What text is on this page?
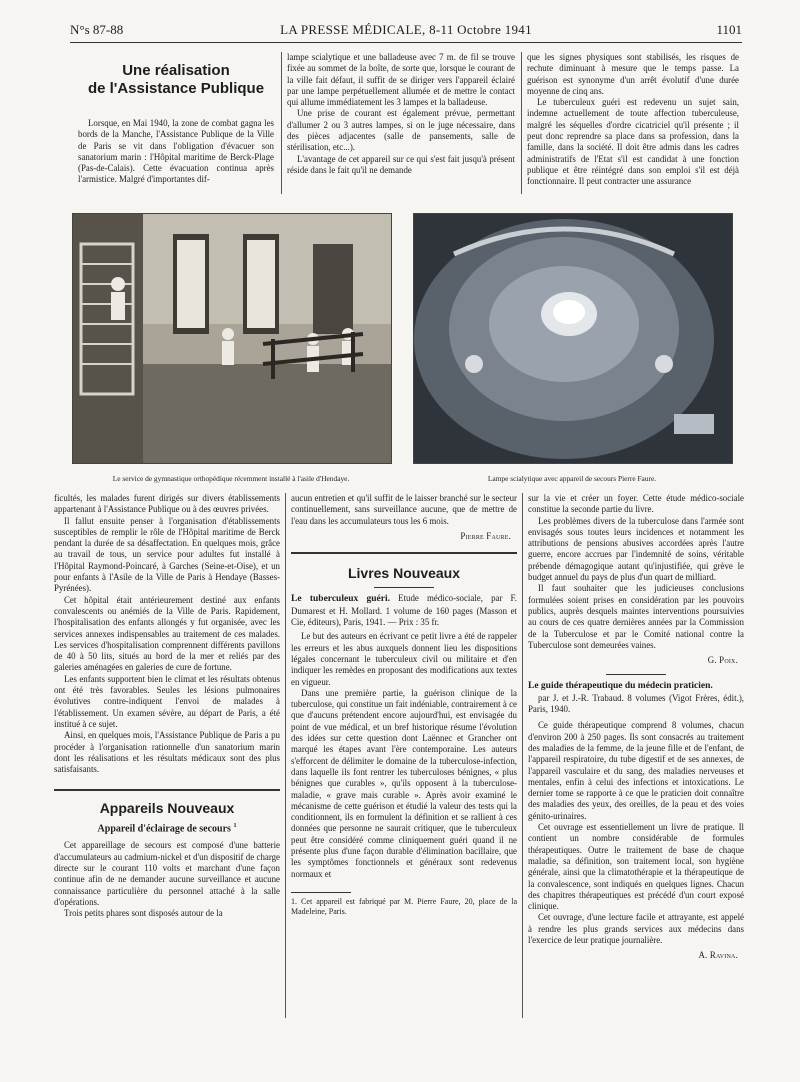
N°s 87-88	LA PRESSE MÉDICALE, 8-11 Octobre 1941	1101
Une réalisation
de l'Assistance Publique

Lorsque, en Mai 1940, la zone de combat gagna les bords de la Manche, l'Assistance Publique de la Ville de Paris se vit dans l'obligation d'évacuer son sanatorium marin : l'Hôpital maritime de Berck-Plage (Pas-de-Calais). Cette évacuation continua après l'armistice. Malgré d'importantes dif-

lampe scialytique et une balladeuse avec 7 m. de fil se trouve fixée au sommet de la boîte, de sorte que, lorsque le courant de la ville fait défaut, il suffit de se diriger vers l'appareil éclairé par une lampe perpétuellement allumée et de mettre le contact qui allume immédiatement les 3 lampes et la balladeuse.

Une prise de courant est également prévue, permettant d'allumer 2 ou 3 autres lampes, si on le juge nécessaire, dans des pièces adjacentes (salle de pansements, salle de stérilisation, etc...).

L'avantage de cet appareil sur ce qui s'est fait jusqu'à présent réside dans le fait qu'il ne demande

que les signes physiques sont stabilisés, les risques de rechute diminuant à mesure que le temps passe. La guérison est synonyme d'un arrêt évolutif d'une durée moyenne de cinq ans.

Le tuberculeux guéri est redevenu un sujet sain, indemne actuellement de toute affection tuberculeuse, malgré les séquelles d'ordre cicatriciel qu'il présente ; il peut donc reprendre sa place dans sa profession, dans la famille, dans la société. Il doit être admis dans les cadres administratifs de l'Etat s'il est candidat à une fonction publique et être réintégré dans son emploi s'il est déjà fonctionnaire. Il peut contracter une assurance

Le service de gymnastique orthopédique récemment installé à l'asile d'Hendaye.	Lampe scialytique avec appareil de secours Pierre Faure.

ficultés, les malades furent dirigés sur divers établissements appartenant à l'Assistance Publique ou à des œuvres privées.

Il fallut ensuite penser à l'organisation d'établissements susceptibles de remplir le rôle de l'Hôpital maritime de Berck pendant la durée de sa désaffectation. En quelques mois, grâce au travail de tous, un service pour adultes fut installé à l'Hôpital Raymond-Poincaré, à Garches (Seine-et-Oise), et un pour enfants à l'Asile de la Ville de Paris à Hendaye (Basses-Pyrénées).

Cet hôpital était antérieurement destiné aux enfants convalescents ou anémiés de la Ville de Paris. Rapidement, l'hospitalisation des enfants allongés y fut organisée, avec les services annexes indispensables au traitement de ces malades. Les services d'hospitalisation comprennent différents pavillons de 40 à 50 lits, situés au bord de la mer et reliés par des galeries aménagées en galeries de cure de fortune.

Les enfants supportent bien le climat et les résultats obtenus ont été très favorables. Seules les lésions pulmonaires évolutives contre-indiquent l'envoi de malades à l'établissement. Un examen sévère, au départ de Paris, a été institué à ce sujet.

Ainsi, en quelques mois, l'Assistance Publique de Paris a pu procéder à l'organisation rationnelle d'un sanatorium marin dont les réalisations et les résultats médicaux sont des plus satisfaisants.

Appareils Nouveaux
Appareil d'éclairage de secours $^1$

Cet appareillage de secours est composé d'une batterie d'accumulateurs au cadmium-nickel et d'un dispositif de charge directe sur le courant 110 volts et marchant d'une façon continue afin de ne demander aucune surveillance et aucune connaissance particulière du personnel attaché à la salle d'opérations.

Trois petits phares sont disposés autour de la

aucun entretien et qu'il suffit de le laisser branché sur le secteur continuellement, sans surveillance aucune, que de mettre de l'eau dans les accumulateurs tous les 6 mois.

Pierre Faure.
Livres Nouveaux

Le tuberculeux guéri. Etude médico-sociale, par F. Dumarest et H. Mollard. 1 volume de 160 pages (Masson et Cie, éditeurs), Paris, 1941. — Prix : 35 fr.

Le but des auteurs en écrivant ce petit livre a été de rappeler les erreurs et les abus auxquels donnent lieu les dispositions légales concernant le tuberculeux civil ou militaire et d'en indiquer les remèdes en proposant des modifications aux textes en vigueur.

Dans une première partie, la guérison clinique de la tuberculose, qui constitue un fait indéniable, contrairement à ce que d'aucuns prétendent encore aujourd'hui, est envisagée du point de vue médical, et un bref historique résume l'évolution des idées sur cette question dont Laënnec et Grancher ont marqué les étapes avant l'ère contemporaine. Les auteurs s'efforcent de délimiter le domaine de la tuberculose-infection, dans laquelle ils font rentrer les tuberculoses bénignes, « plus bénignes que curables », qu'ils opposent à la tuberculose-maladie, « grave mais curable ». Après avoir examiné le mécanisme de cette guérison et étudié la valeur des tests qui la conditionnent, ils en formulent la définition et se rallient à ces données que personne ne saurait critiquer, que le tuberculeux peut être considéré comme cliniquement guéri quand il ne présente plus d'une façon durable d'élimination bacillaire, que les symptômes fonctionnels et généraux sont redevenus normaux et

1. Cet appareil est fabriqué par M. Pierre Faure, 20, place de la Madeleine, Paris.

sur la vie et créer un foyer. Cette étude médico-sociale constitue la seconde partie du livre.

Les problèmes divers de la tuberculose dans l'armée sont envisagés sous toutes leurs incidences et notamment les attributions de pensions abusives accordées après l'autre guerre, encore accrues par l'indemnité de soins, véritable prébende démagogique autant qu'injustifiée, qui grève le budget annuel du pays de plus d'un quart de milliard.

Il faut souhaiter que les judicieuses conclusions formulées soient prises en considération par les pouvoirs publics, auprès desquels maintes interventions poursuivies au cours de ces quatre dernières années par la Commission de la Tuberculose et par le Comité national contre la Tuberculose sont demeurées vaines.

G. Poix.

Le guide thérapeutique du médecin praticien.

par J. et J.-R. Trabaud. 8 volumes (Vigot Frères, édit.), Paris, 1940.

Ce guide thérapeutique comprend 8 volumes, chacun d'environ 200 à 250 pages. Ils sont consacrés au traitement des maladies de la femme, de la jeune fille et de l'enfant, de l'appareil respiratoire, du tube digestif et de ses annexes, de l'appareil vasculaire et du sang, des maladies nerveuses et mentales, enfin à celui des infections et intoxications. Le dernier tome se rapporte à ce que le praticien doit connaître des maladies des yeux, des oreilles, de la peau et des voies génito-urinaires.

Cet ouvrage est essentiellement un livre de pratique. Il contient un nombre considérable de formules thérapeutiques. Outre le traitement de base de chaque maladie, sa définition, son traitement local, son hygiène générale, ainsi que la climatothérapie et la thérapeutique de la convalescence, sont indiqués en quelques lignes. Chacun des chapitres thérapeutiques est précédé d'un court exposé clinique.

Cet ouvrage, d'une lecture facile et attrayante, est appelé à rendre les plus grands services aux médecins dans l'exercice de leur pratique journalière.

A. Ravina.
